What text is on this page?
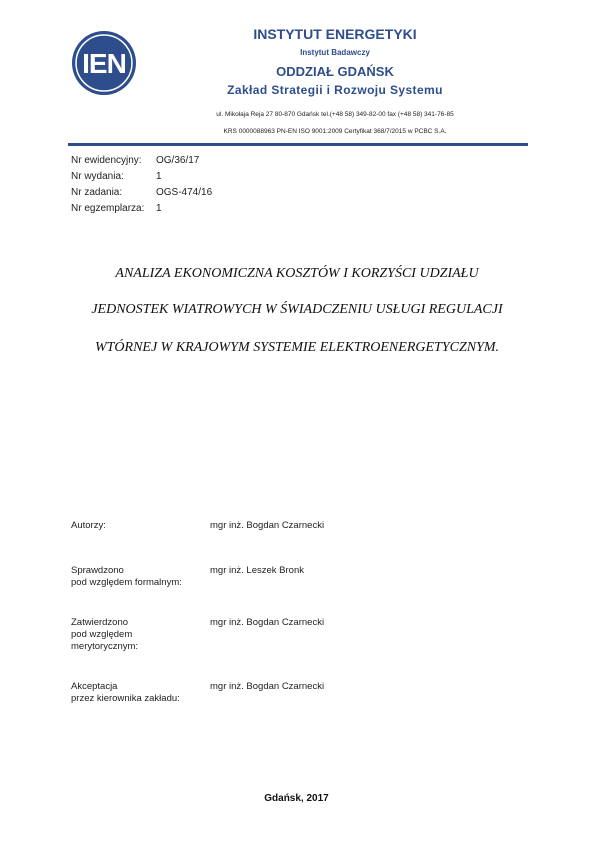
IEN
INSTYTUT ENERGETYKI
Instytut Badawczy
ODDZIAŁ GDAŃSK
Zakład Strategii i Rozwoju Systemu
ul. Mikołaja Reja 27 80-870 Gdańsk tel.(+48 58) 349-82-00 fax (+48 58) 341-76-85
KRS 0000088963 PN-EN ISO 9001:2009 Certyfikat 368/7/2015 w PCBC S.A.
Nr ewidencyjny:	OG/36/17
Nr wydania:	1
Nr zadania:	OGS-474/16
Nr egzemplarza:	1
ANALIZA EKONOMICZNA KOSZTÓW I KORZYŚCI UDZIAŁU
JEDNOSTEK WIATROWYCH W ŚWIADCZENIU USŁUGI REGULACJI
WTÓRNEJ W KRAJOWYM SYSTEMIE ELEKTROENERGETYCZNYM.
Autorzy:	mgr inż. Bogdan Czarnecki
Sprawdzono
pod względem formalnym:
mgr inż. Leszek Bronk
Zatwierdzono
pod względem
merytorycznym:
mgr inż. Bogdan Czarnecki
Akceptacja
przez kierownika zakładu:
mgr inż. Bogdan Czarnecki
Gdańsk, 2017
